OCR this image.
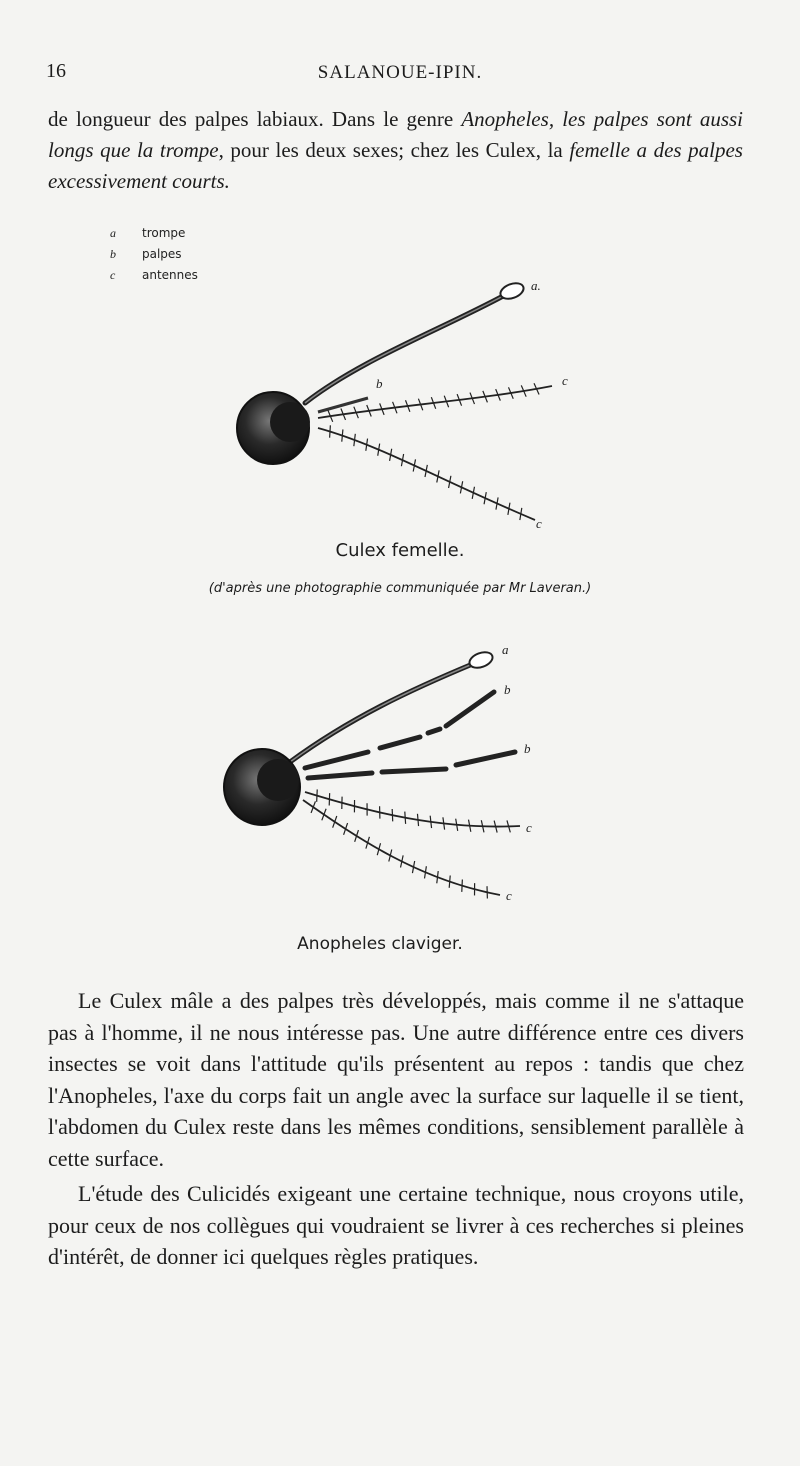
16	SALANOUE-IPIN.

de longueur des palpes labiaux. Dans le genre Anopheles, les palpes sont aussi longs que la trompe, pour les deux sexes; chez les Culex, la femelle a des palpes excessivement courts.

a trompe
b palpes
c antennes
a.
b	c
c
a
b
b
c
c
Culex femelle.
(d'après une photographie communiquée par Mr Laveran.)
Anopheles claviger.

Le Culex mâle a des palpes très développés, mais comme il ne s'attaque pas à l'homme, il ne nous intéresse pas. Une autre différence entre ces divers insectes se voit dans l'attitude qu'ils présentent au repos : tandis que chez l'Anopheles, l'axe du corps fait un angle avec la surface sur laquelle il se tient, l'abdomen du Culex reste dans les mêmes conditions, sensiblement parallèle à cette surface.

L'étude des Culicidés exigeant une certaine technique, nous croyons utile, pour ceux de nos collègues qui voudraient se livrer à ces recherches si pleines d'intérêt, de donner ici quelques règles pratiques.
